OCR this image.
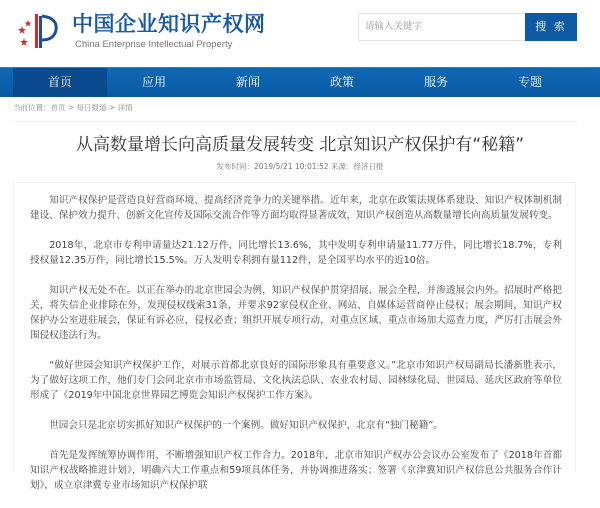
中国企业知识产权网
China Enterprise Intellectual Property
请输入关键字	搜 索
首页	应用	新闻	政策	服务	专题
当前位置：首页 > 每日报道 > 详情
从高数量增长向高质量发展转变 北京知识产权保护有“秘籍”
发布时间：2019/5/21 10:01:52 来源：经济日报

知识产权保护是营造良好营商环境、提高经济竞争力的关键举措。近年来，北京在政策法规体系建设、知识产权体制机制建设、保护效力提升、创新文化宣传及国际交流合作等方面均取得显著成效，知识产权创造从高数量增长向高质量发展转变。

2018年，北京市专利申请量达21.12万件，同比增长13.6%，其中发明专利申请量11.77万件，同比增长18.7%，专利授权量12.35万件，同比增长15.5%。万人发明专利拥有量112件，是全国平均水平的近10倍。

知识产权无处不在。以正在举办的北京世园会为例，知识产权保护贯穿招展、展会全程，并渗透展会内外。招展时严格把关，将失信企业排除在外，发现侵权线索31条，并要求92家侵权企业、网站、自媒体运营商停止侵权；展会期间，知识产权保护办公室进驻展会，保证有诉必应，侵权必查；组织开展专项行动，对重点区域、重点市场加大巡查力度，严厉打击展会外围侵权违法行为。

“做好世园会知识产权保护工作，对展示首都北京良好的国际形象具有重要意义。”北京市知识产权局副局长潘新胜表示，为了做好这项工作，他们专门会同北京市市场监管局、文化执法总队、农业农村局、园林绿化局、世园局、延庆区政府等单位形成了《2019年中国北京世界园艺博览会知识产权保护工作方案》。

世园会只是北京切实抓好知识产权保护的一个案例。做好知识产权保护，北京有“独门秘籍”。

首先是发挥统筹协调作用，不断增强知识产权工作合力。2018年，北京市知识产权办公会议办公室发布了《2018年首都知识产权战略推进计划》，明确六大工作重点和59项具体任务，并协调推进落实；签署《京津冀知识产权信息公共服务合作计划》，成立京津冀专业市场知识产权保护联
